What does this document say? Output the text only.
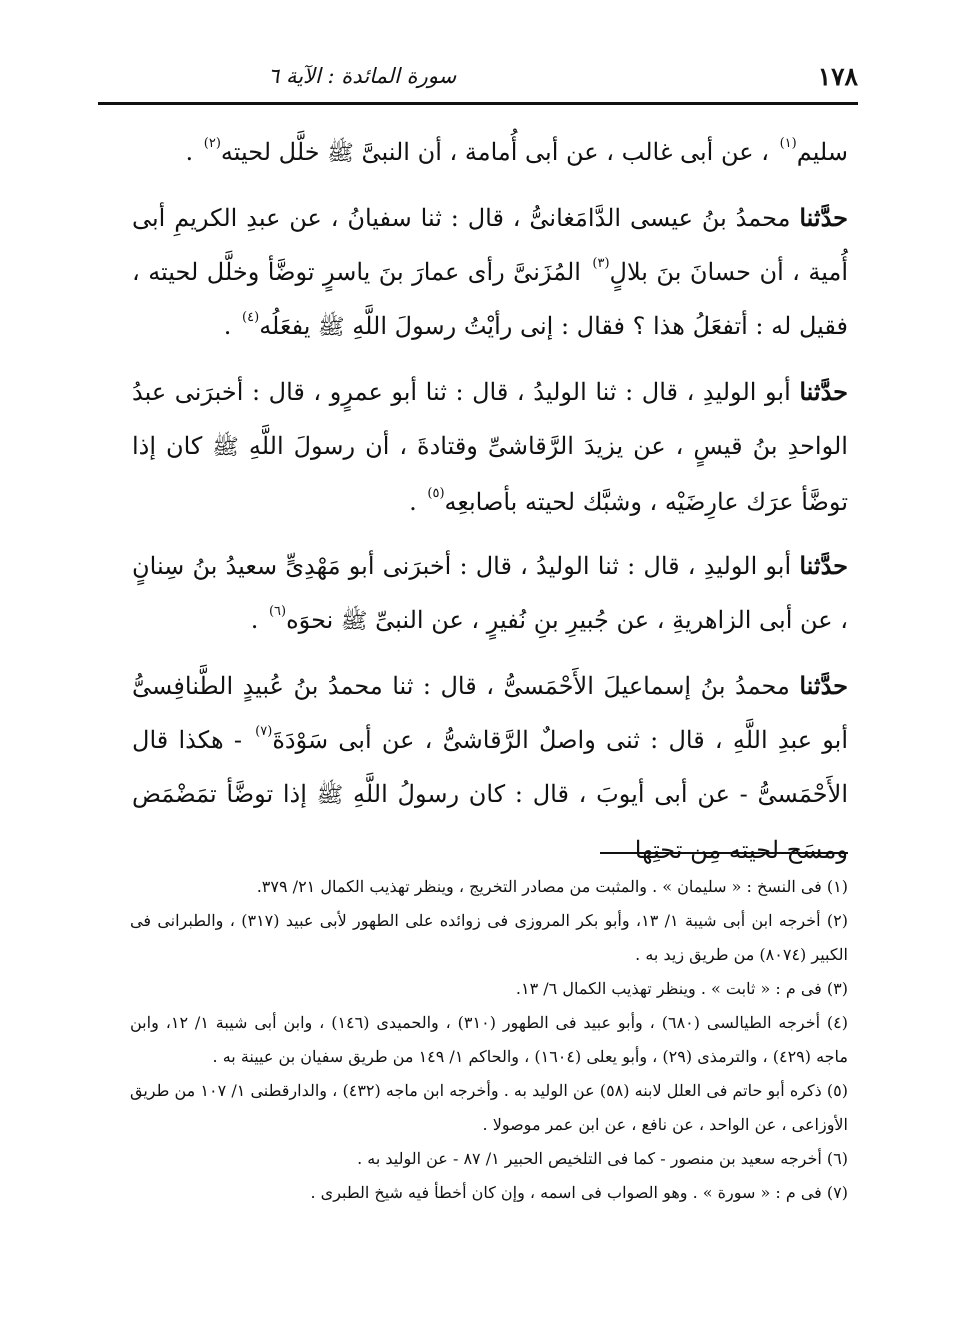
١٧٨
سورة المائدة : الآية ٦

سليم(١) ، عن أبى غالب ، عن أبى أُمامة ، أن النبىَّ ﷺ خلَّل لحيته(٢) .

حدَّثنا محمدُ بنُ عيسى الدَّامَغانىُّ ، قال : ثنا سفيانُ ، عن عبدِ الكريمِ أبى أُمية ، أن حسانَ بنَ بلالٍ(٣) المُزَنىَّ رأى عمارَ بنَ ياسرٍ توضَّأ وخلَّل لحيته ، فقيل له : أتفعَلُ هذا ؟ فقال : إنى رأيْتُ رسولَ اللَّهِ ﷺ يفعَلُه(٤) .

حدَّثنا أبو الوليدِ ، قال : ثنا الوليدُ ، قال : ثنا أبو عمرٍو ، قال : أخبرَنى عبدُ الواحدِ بنُ قيسٍ ، عن يزيدَ الرَّقاشىِّ وقتادةَ ، أن رسولَ اللَّهِ ﷺ كان إذا توضَّأ عرَك عارِضَيْه ، وشبَّك لحيته بأصابعِه(٥) .

حدَّثنا أبو الوليدِ ، قال : ثنا الوليدُ ، قال : أخبرَنى أبو مَهْدِىٍّ سعيدُ بنُ سِنانٍ ، عن أبى الزاهريةِ ، عن جُبيرِ بنِ نُفيرٍ ، عن النبىِّ ﷺ نحوَه(٦) .

حدَّثنا محمدُ بنُ إسماعيلَ الأَحْمَسىُّ ، قال : ثنا محمدُ بنُ عُبيدٍ الطَّنافِسىُّ أبو عبدِ اللَّهِ ، قال : ثنى واصلٌ الرَّقاشىُّ ، عن أبى سَوْدَةَ(٧) - هكذا قال الأَحْمَسىُّ - عن أبى أيوبَ ، قال : كان رسولُ اللَّهِ ﷺ إذا توضَّأ تمَضْمَض ومسَح لحيته مِن تحتِها

(١) فى النسخ : « سليمان » . والمثبت من مصادر التخريج ، وينظر تهذيب الكمال ٢١/ ٣٧٩.

(٢) أخرجه ابن أبى شيبة ١/ ١٣، وأبو بكر المروزى فى زوائده على الطهور لأبى عبيد (٣١٧) ، والطبرانى فى الكبير (٨٠٧٤) من طريق زيد به .

(٣) فى م : « ثابت » . وينظر تهذيب الكمال ٦/ ١٣.

(٤) أخرجه الطيالسى (٦٨٠) ، وأبو عبيد فى الطهور (٣١٠) ، والحميدى (١٤٦) ، وابن أبى شيبة ١/ ١٢، وابن ماجه (٤٢٩) ، والترمذى (٢٩) ، وأبو يعلى (١٦٠٤) ، والحاكم ١/ ١٤٩ من طريق سفيان بن عيينة به .

(٥) ذكره أبو حاتم فى العلل لابنه (٥٨) عن الوليد به . وأخرجه ابن ماجه (٤٣٢) ، والدارقطنى ١/ ١٠٧ من طريق الأوزاعى ، عن الواحد ، عن نافع ، عن ابن عمر موصولا .

(٦) أخرجه سعيد بن منصور - كما فى التلخيص الحبير ١/ ٨٧ - عن الوليد به .

(٧) فى م : « سورة » . وهو الصواب فى اسمه ، وإن كان أخطأ فيه شيخ الطبرى .
